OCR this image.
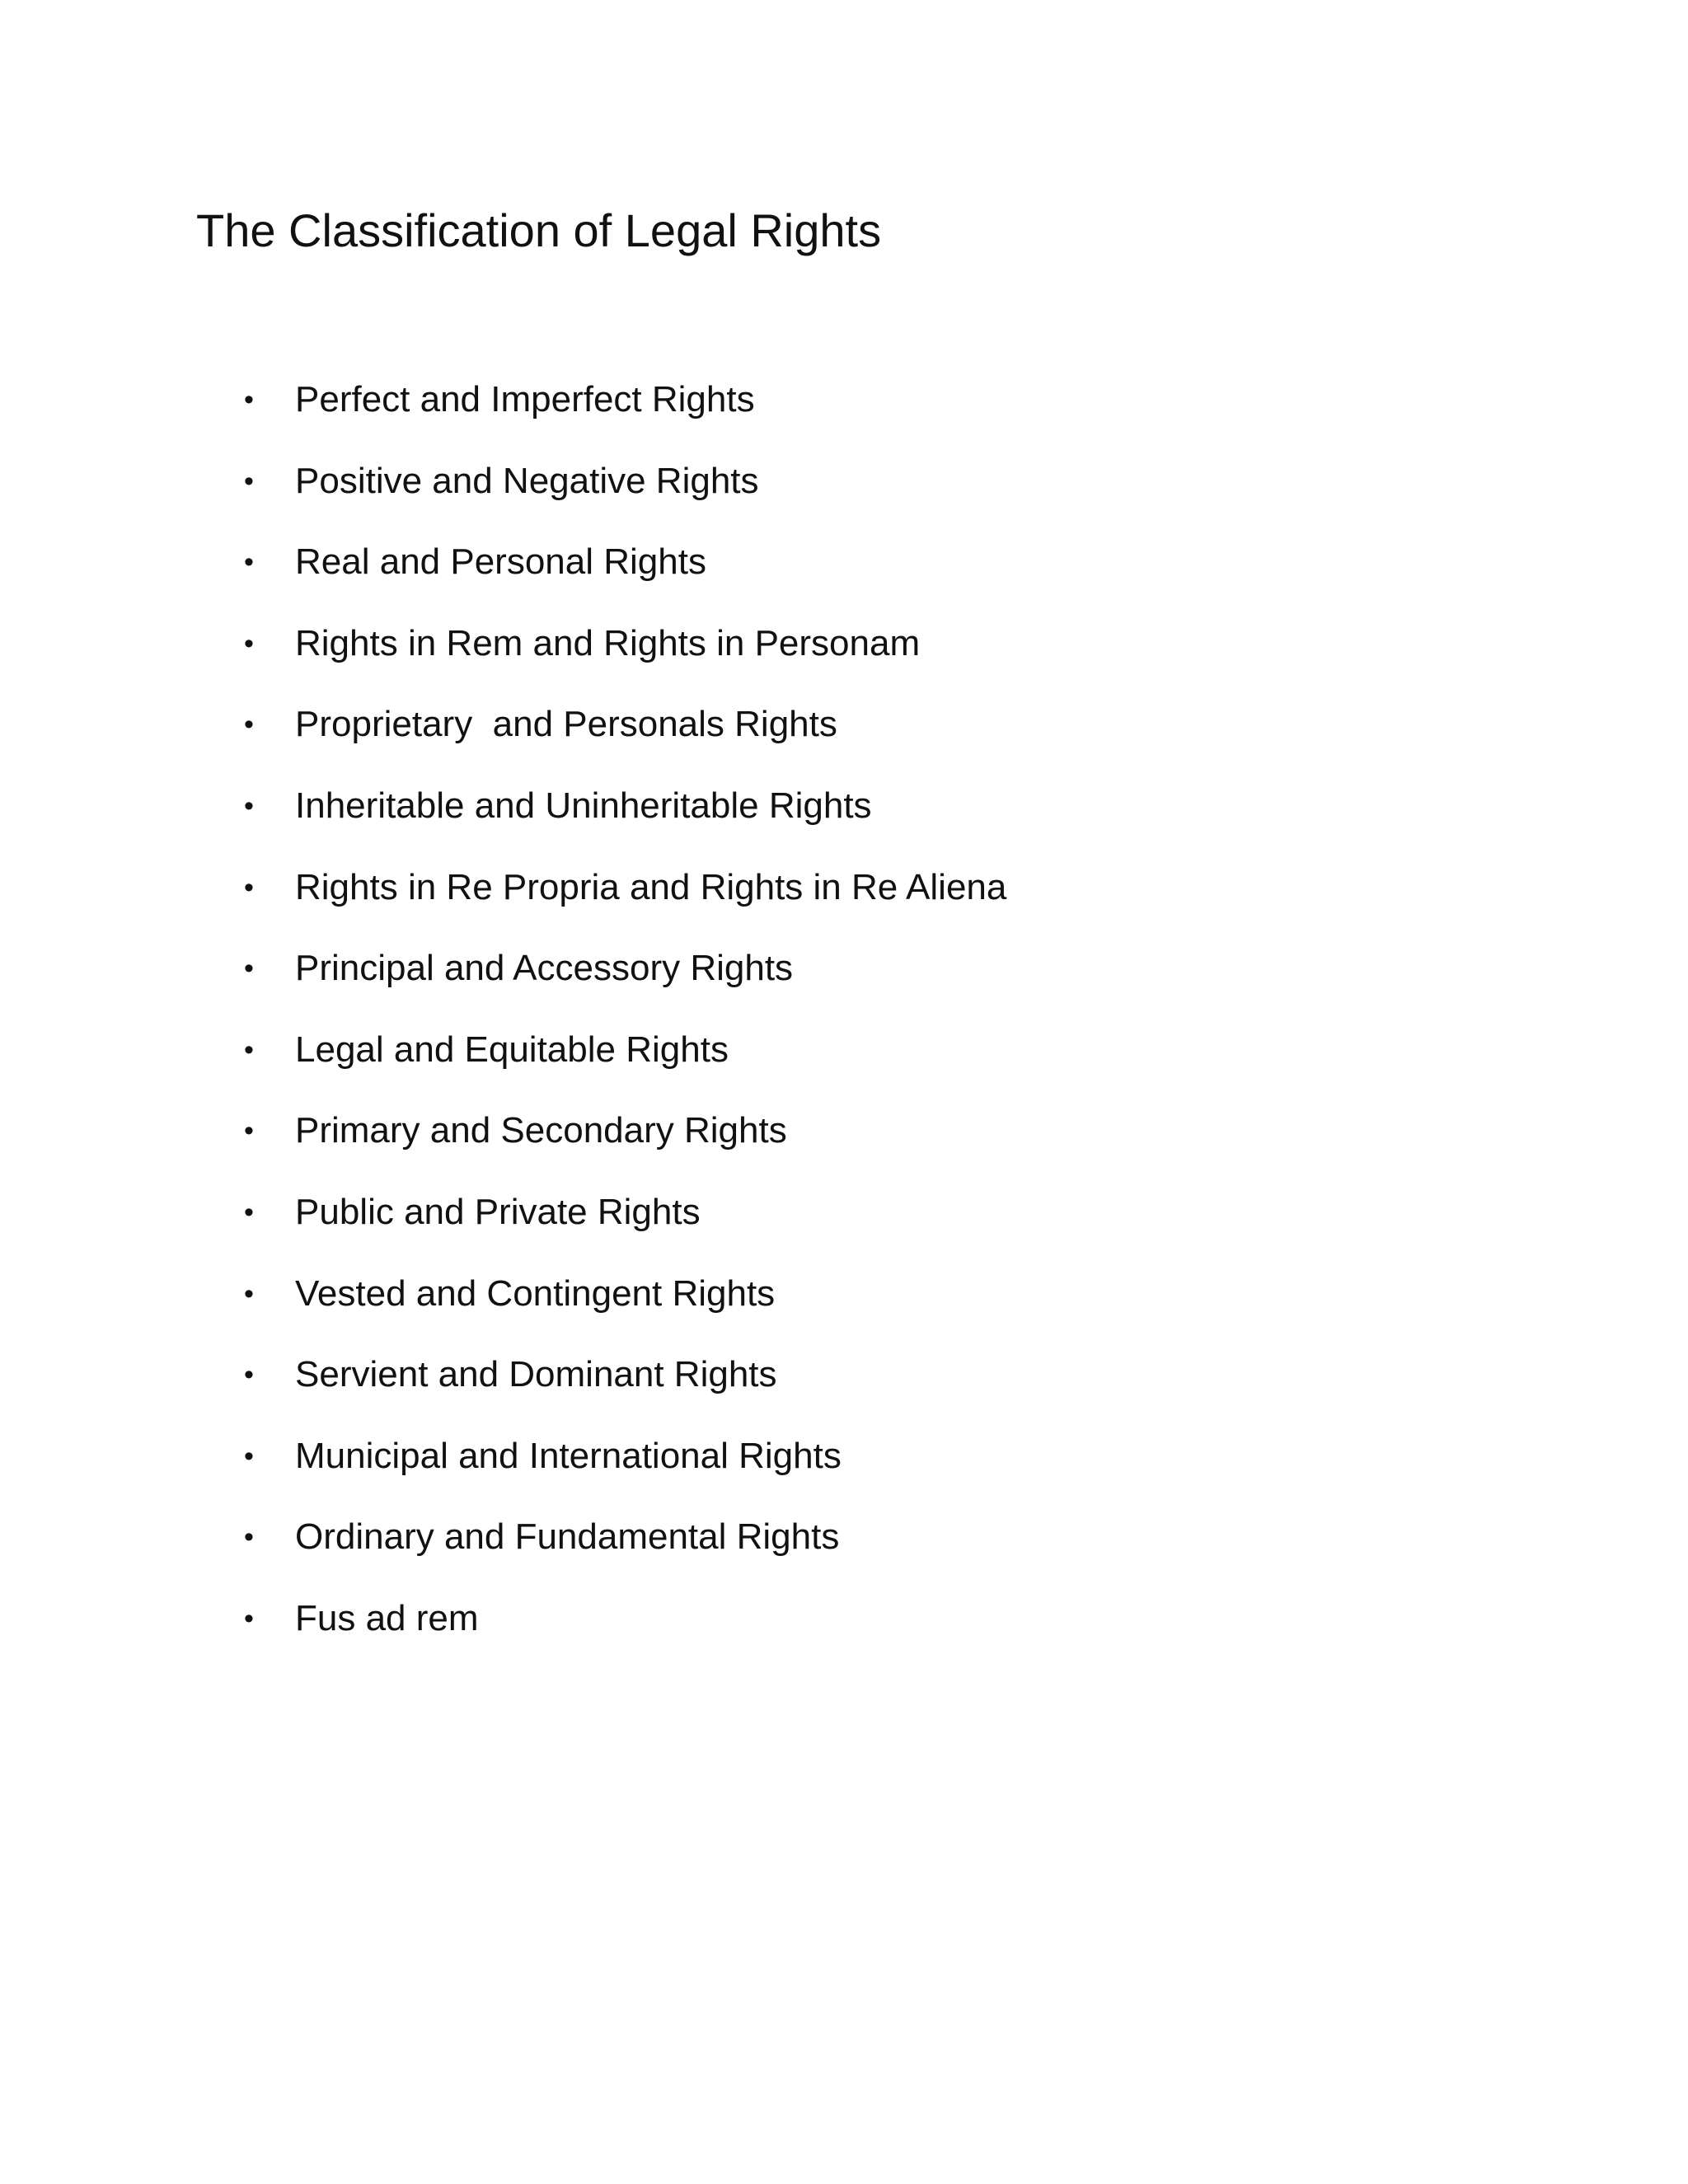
The Classification of Legal Rights
• Perfect and Imperfect Rights
• Positive and Negative Rights
• Real and Personal Rights
• Rights in Rem and Rights in Personam
• Proprietary  and Personals Rights
• Inheritable and Uninheritable Rights
• Rights in Re Propria and Rights in Re Aliena
• Principal and Accessory Rights
• Legal and Equitable Rights
• Primary and Secondary Rights
• Public and Private Rights
• Vested and Contingent Rights
• Servient and Dominant Rights
• Municipal and International Rights
• Ordinary and Fundamental Rights
• Fus ad rem
